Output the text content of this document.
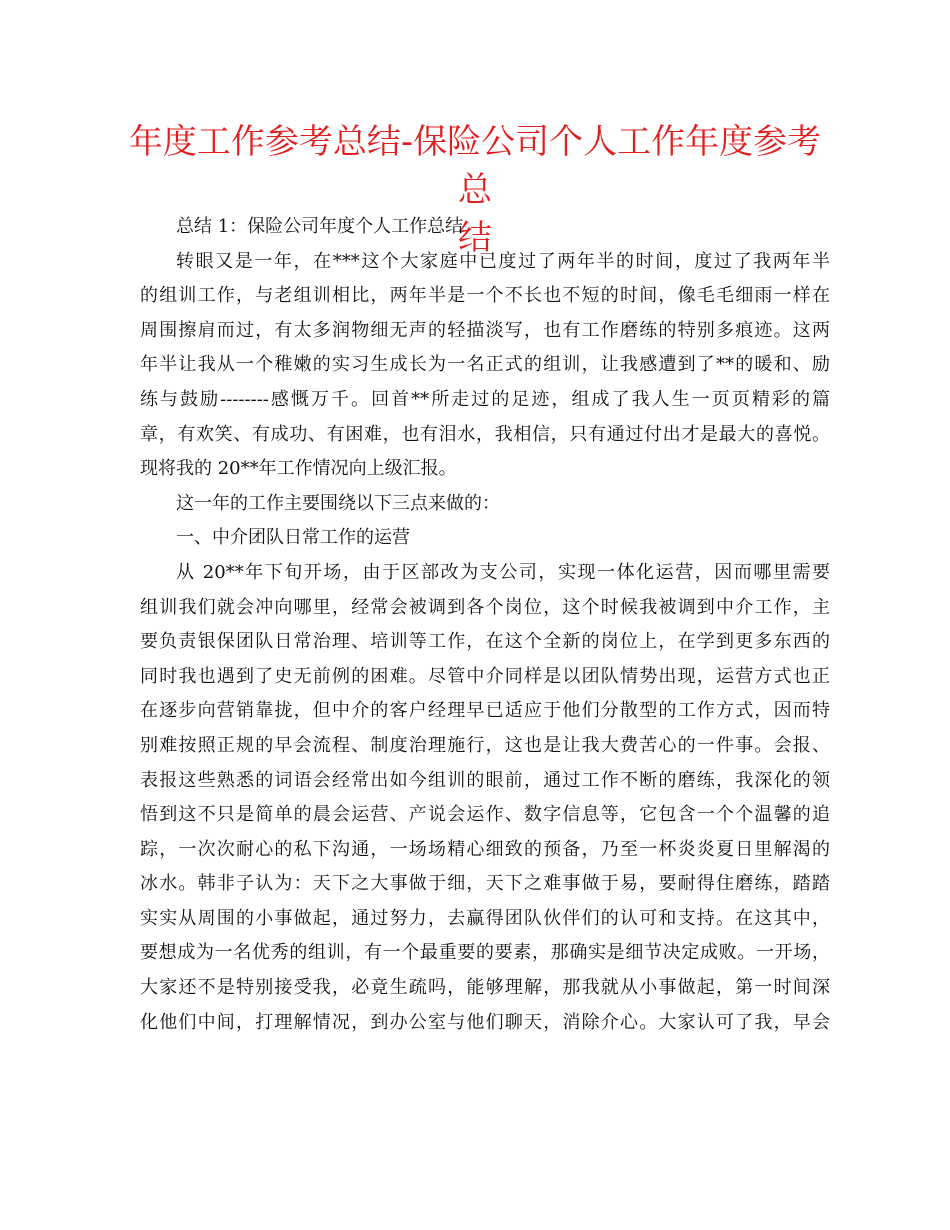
年度工作参考总结-保险公司个人工作年度参考总
结
总结 1：保险公司年度个人工作总结
转眼又是一年，在***这个大家庭中已度过了两年半的时间，度过了我两年半
的组训工作，与老组训相比，两年半是一个不长也不短的时间，像毛毛细雨一样在
周围擦肩而过，有太多润物细无声的轻描淡写，也有工作磨练的特别多痕迹。这两
年半让我从一个稚嫩的实习生成长为一名正式的组训，让我感遭到了**的暖和、励
练与鼓励--------感慨万千。回首**所走过的足迹，组成了我人生一页页精彩的篇
章，有欢笑、有成功、有困难，也有泪水，我相信，只有通过付出才是最大的喜悦。
现将我的 20**年工作情况向上级汇报。
这一年的工作主要围绕以下三点来做的：
一、中介团队日常工作的运营
从 20**年下旬开场，由于区部改为支公司，实现一体化运营，因而哪里需要
组训我们就会冲向哪里，经常会被调到各个岗位，这个时候我被调到中介工作，主
要负责银保团队日常治理、培训等工作，在这个全新的岗位上，在学到更多东西的
同时我也遇到了史无前例的困难。尽管中介同样是以团队情势出现，运营方式也正
在逐步向营销靠拢，但中介的客户经理早已适应于他们分散型的工作方式，因而特
别难按照正规的早会流程、制度治理施行，这也是让我大费苦心的一件事。会报、
表报这些熟悉的词语会经常出如今组训的眼前，通过工作不断的磨练，我深化的领
悟到这不只是简单的晨会运营、产说会运作、数字信息等，它包含一个个温馨的追
踪，一次次耐心的私下沟通，一场场精心细致的预备，乃至一杯炎炎夏日里解渴的
冰水。韩非子认为：天下之大事做于细，天下之难事做于易，要耐得住磨练，踏踏
实实从周围的小事做起，通过努力，去赢得团队伙伴们的认可和支持。在这其中，
要想成为一名优秀的组训，有一个最重要的要素，那确实是细节决定成败。一开场，
大家还不是特别接受我，必竟生疏吗，能够理解，那我就从小事做起，第一时间深
化他们中间，打理解情况，到办公室与他们聊天，消除介心。大家认可了我，早会
